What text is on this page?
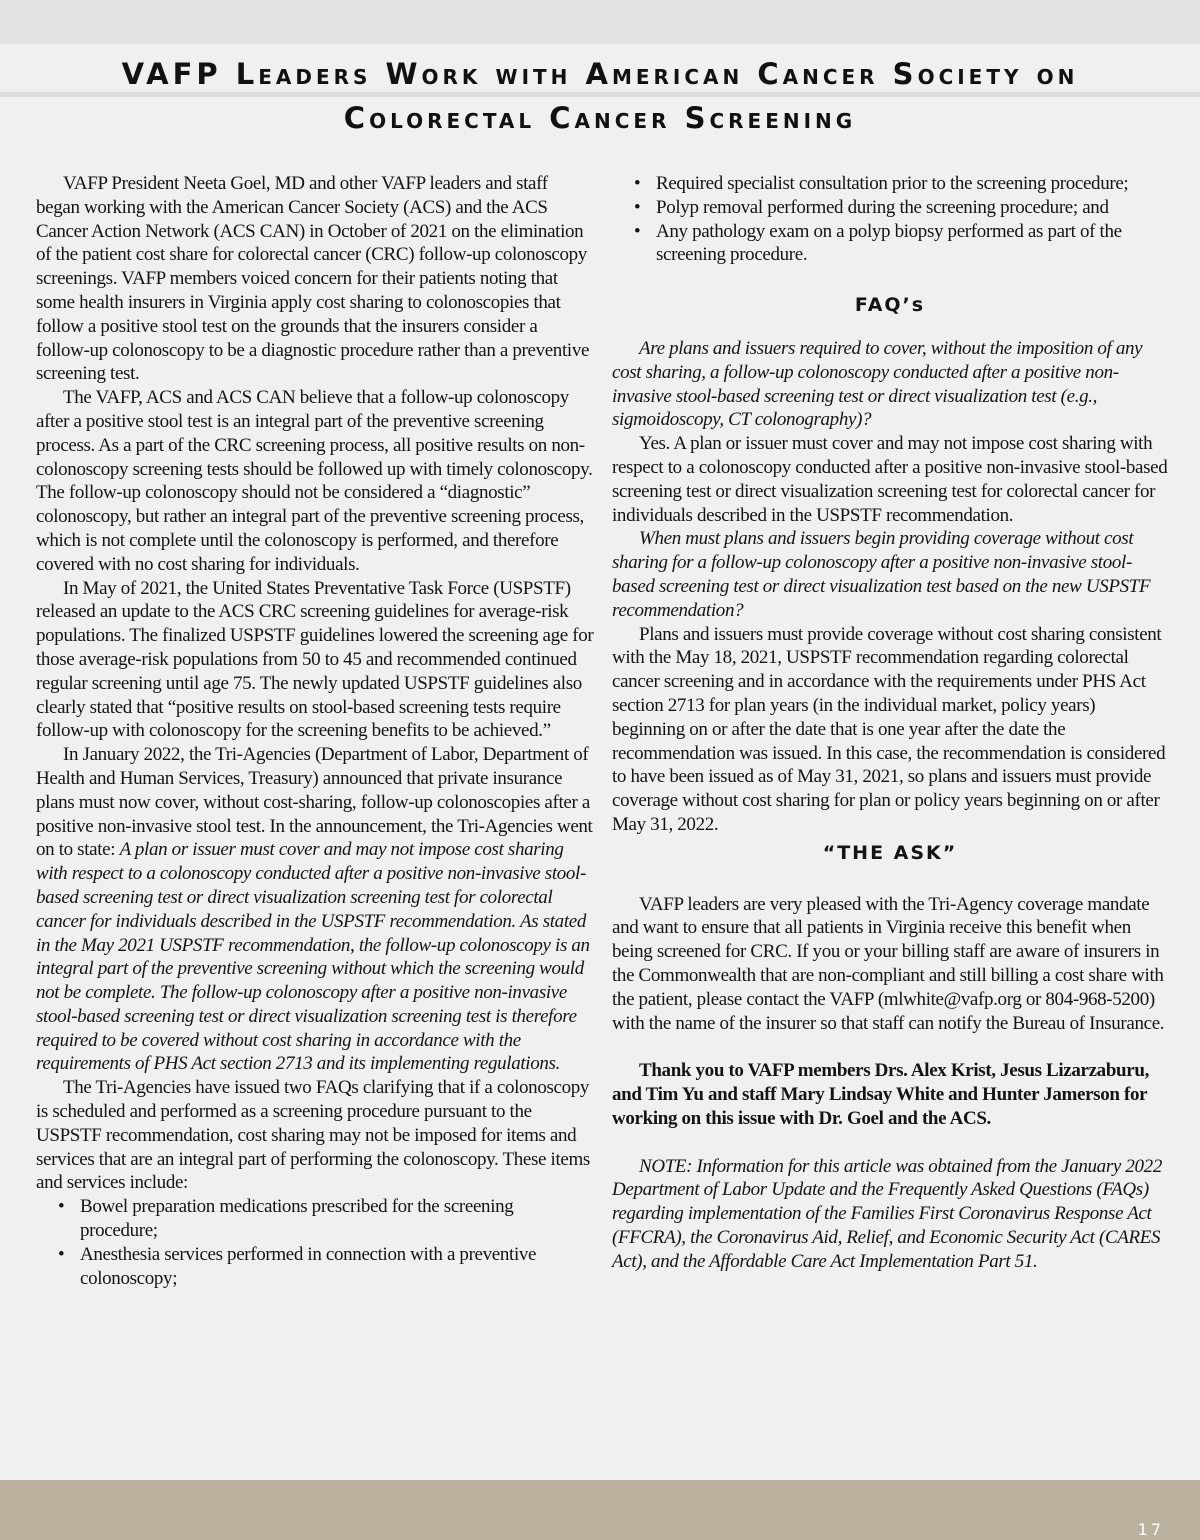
VAFP Leaders Work with American Cancer Society on
Colorectal Cancer Screening

VAFP President Neeta Goel, MD and other VAFP leaders and staff began working with the American Cancer Society (ACS) and the ACS Cancer Action Network (ACS CAN) in October of 2021 on the elimination of the patient cost share for colorectal cancer (CRC) follow-up colonoscopy screenings. VAFP members voiced concern for their patients noting that some health insurers in Virginia apply cost sharing to colonoscopies that follow a positive stool test on the grounds that the insurers consider a follow-up colonoscopy to be a diagnostic procedure rather than a preventive screening test.

The VAFP, ACS and ACS CAN believe that a follow-up colonoscopy after a positive stool test is an integral part of the preventive screening process. As a part of the CRC screening process, all positive results on non-colonoscopy screening tests should be followed up with timely colonoscopy. The follow-up colonoscopy should not be considered a “diagnostic” colonoscopy, but rather an integral part of the preventive screening process, which is not complete until the colonoscopy is performed, and therefore covered with no cost sharing for individuals.

In May of 2021, the United States Preventative Task Force (USPSTF) released an update to the ACS CRC screening guidelines for average-risk populations. The finalized USPSTF guidelines lowered the screening age for those average-risk populations from 50 to 45 and recommended continued regular screening until age 75. The newly updated USPSTF guidelines also clearly stated that “positive results on stool-based screening tests require follow-up with colonoscopy for the screening benefits to be achieved.”

In January 2022, the Tri-Agencies (Department of Labor, Department of Health and Human Services, Treasury) announced that private insurance plans must now cover, without cost-sharing, follow-up colonoscopies after a positive non-invasive stool test. In the announcement, the Tri-Agencies went on to state: A plan or issuer must cover and may not impose cost sharing with respect to a colonoscopy conducted after a positive non-invasive stool-based screening test or direct visualization screening test for colorectal cancer for individuals described in the USPSTF recommendation. As stated in the May 2021 USPSTF recommendation, the follow-up colonoscopy is an integral part of the preventive screening without which the screening would not be complete. The follow-up colonoscopy after a positive non-invasive stool-based screening test or direct visualization screening test is therefore required to be covered without cost sharing in accordance with the requirements of PHS Act section 2713 and its implementing regulations.

The Tri-Agencies have issued two FAQs clarifying that if a colonoscopy is scheduled and performed as a screening procedure pursuant to the USPSTF recommendation, cost sharing may not be imposed for items and services that are an integral part of performing the colonoscopy. These items and services include:

• Bowel preparation medications prescribed for the screening procedure;
• Anesthesia services performed in connection with a preventive colonoscopy;
• Required specialist consultation prior to the screening procedure;
• Polyp removal performed during the screening procedure; and
• Any pathology exam on a polyp biopsy performed as part of the screening procedure.
FAQ’s

Are plans and issuers required to cover, without the imposition of any cost sharing, a follow-up colonoscopy conducted after a positive non-invasive stool-based screening test or direct visualization test (e.g., sigmoidoscopy, CT colonography)?

Yes. A plan or issuer must cover and may not impose cost sharing with respect to a colonoscopy conducted after a positive non-invasive stool-based screening test or direct visualization screening test for colorectal cancer for individuals described in the USPSTF recommendation.

When must plans and issuers begin providing coverage without cost sharing for a follow-up colonoscopy after a positive non-invasive stool-based screening test or direct visualization test based on the new USPSTF recommendation?

Plans and issuers must provide coverage without cost sharing consistent with the May 18, 2021, USPSTF recommendation regarding colorectal cancer screening and in accordance with the requirements under PHS Act section 2713 for plan years (in the individual market, policy years) beginning on or after the date that is one year after the date the recommendation was issued. In this case, the recommendation is considered to have been issued as of May 31, 2021, so plans and issuers must provide coverage without cost sharing for plan or policy years beginning on or after May 31, 2022.

“THE ASK”

VAFP leaders are very pleased with the Tri-Agency coverage mandate and want to ensure that all patients in Virginia receive this benefit when being screened for CRC. If you or your billing staff are aware of insurers in the Commonwealth that are non-compliant and still billing a cost share with the patient, please contact the VAFP (mlwhite@vafp.org or 804-968-5200) with the name of the insurer so that staff can notify the Bureau of Insurance.

Thank you to VAFP members Drs. Alex Krist, Jesus Lizarzaburu, and Tim Yu and staff Mary Lindsay White and Hunter Jamerson for working on this issue with Dr. Goel and the ACS.

NOTE: Information for this article was obtained from the January 2022 Department of Labor Update and the Frequently Asked Questions (FAQs) regarding implementation of the Families First Coronavirus Response Act (FFCRA), the Coronavirus Aid, Relief, and Economic Security Act (CARES Act), and the Affordable Care Act Implementation Part 51.

17
